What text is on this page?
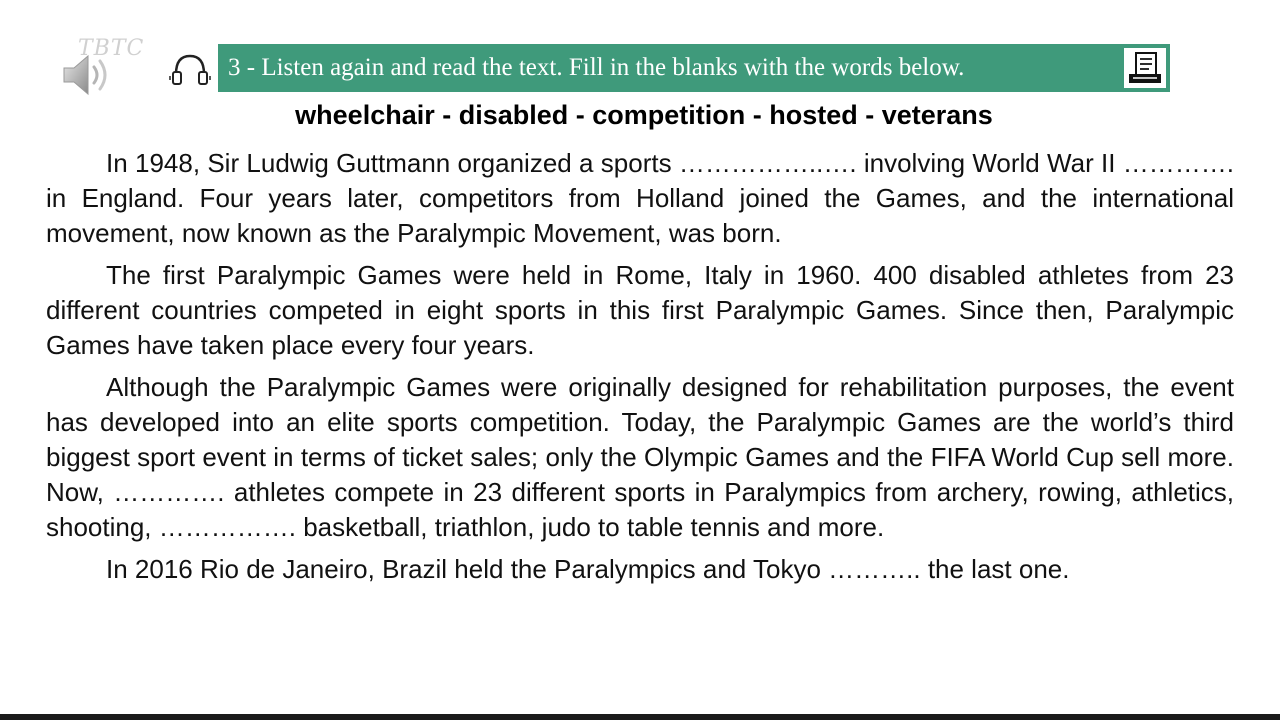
TBTC
3 - Listen again and read the text. Fill in the blanks with the words below.
wheelchair - disabled - competition - hosted - veterans

In 1948, Sir Ludwig Guttmann organized a sports ……………..…. involving World War II …………. in England. Four years later, competitors from Holland joined the Games, and the international movement, now known as the Paralympic Movement, was born.

The first Paralympic Games were held in Rome, Italy in 1960. 400 disabled athletes from 23 different countries competed in eight sports in this first Paralympic Games. Since then, Paralympic Games have taken place every four years.

Although the Paralympic Games were originally designed for rehabilitation purposes, the event has developed into an elite sports competition. Today, the Paralympic Games are the world’s third biggest sport event in terms of ticket sales; only the Olympic Games and the FIFA World Cup sell more. Now, …………. athletes compete in 23 different sports in Paralympics from archery, rowing, athletics, shooting, ……………. basketball, triathlon, judo to table tennis and more.

In 2016 Rio de Janeiro, Brazil held the Paralympics and Tokyo ……….. the last one.
